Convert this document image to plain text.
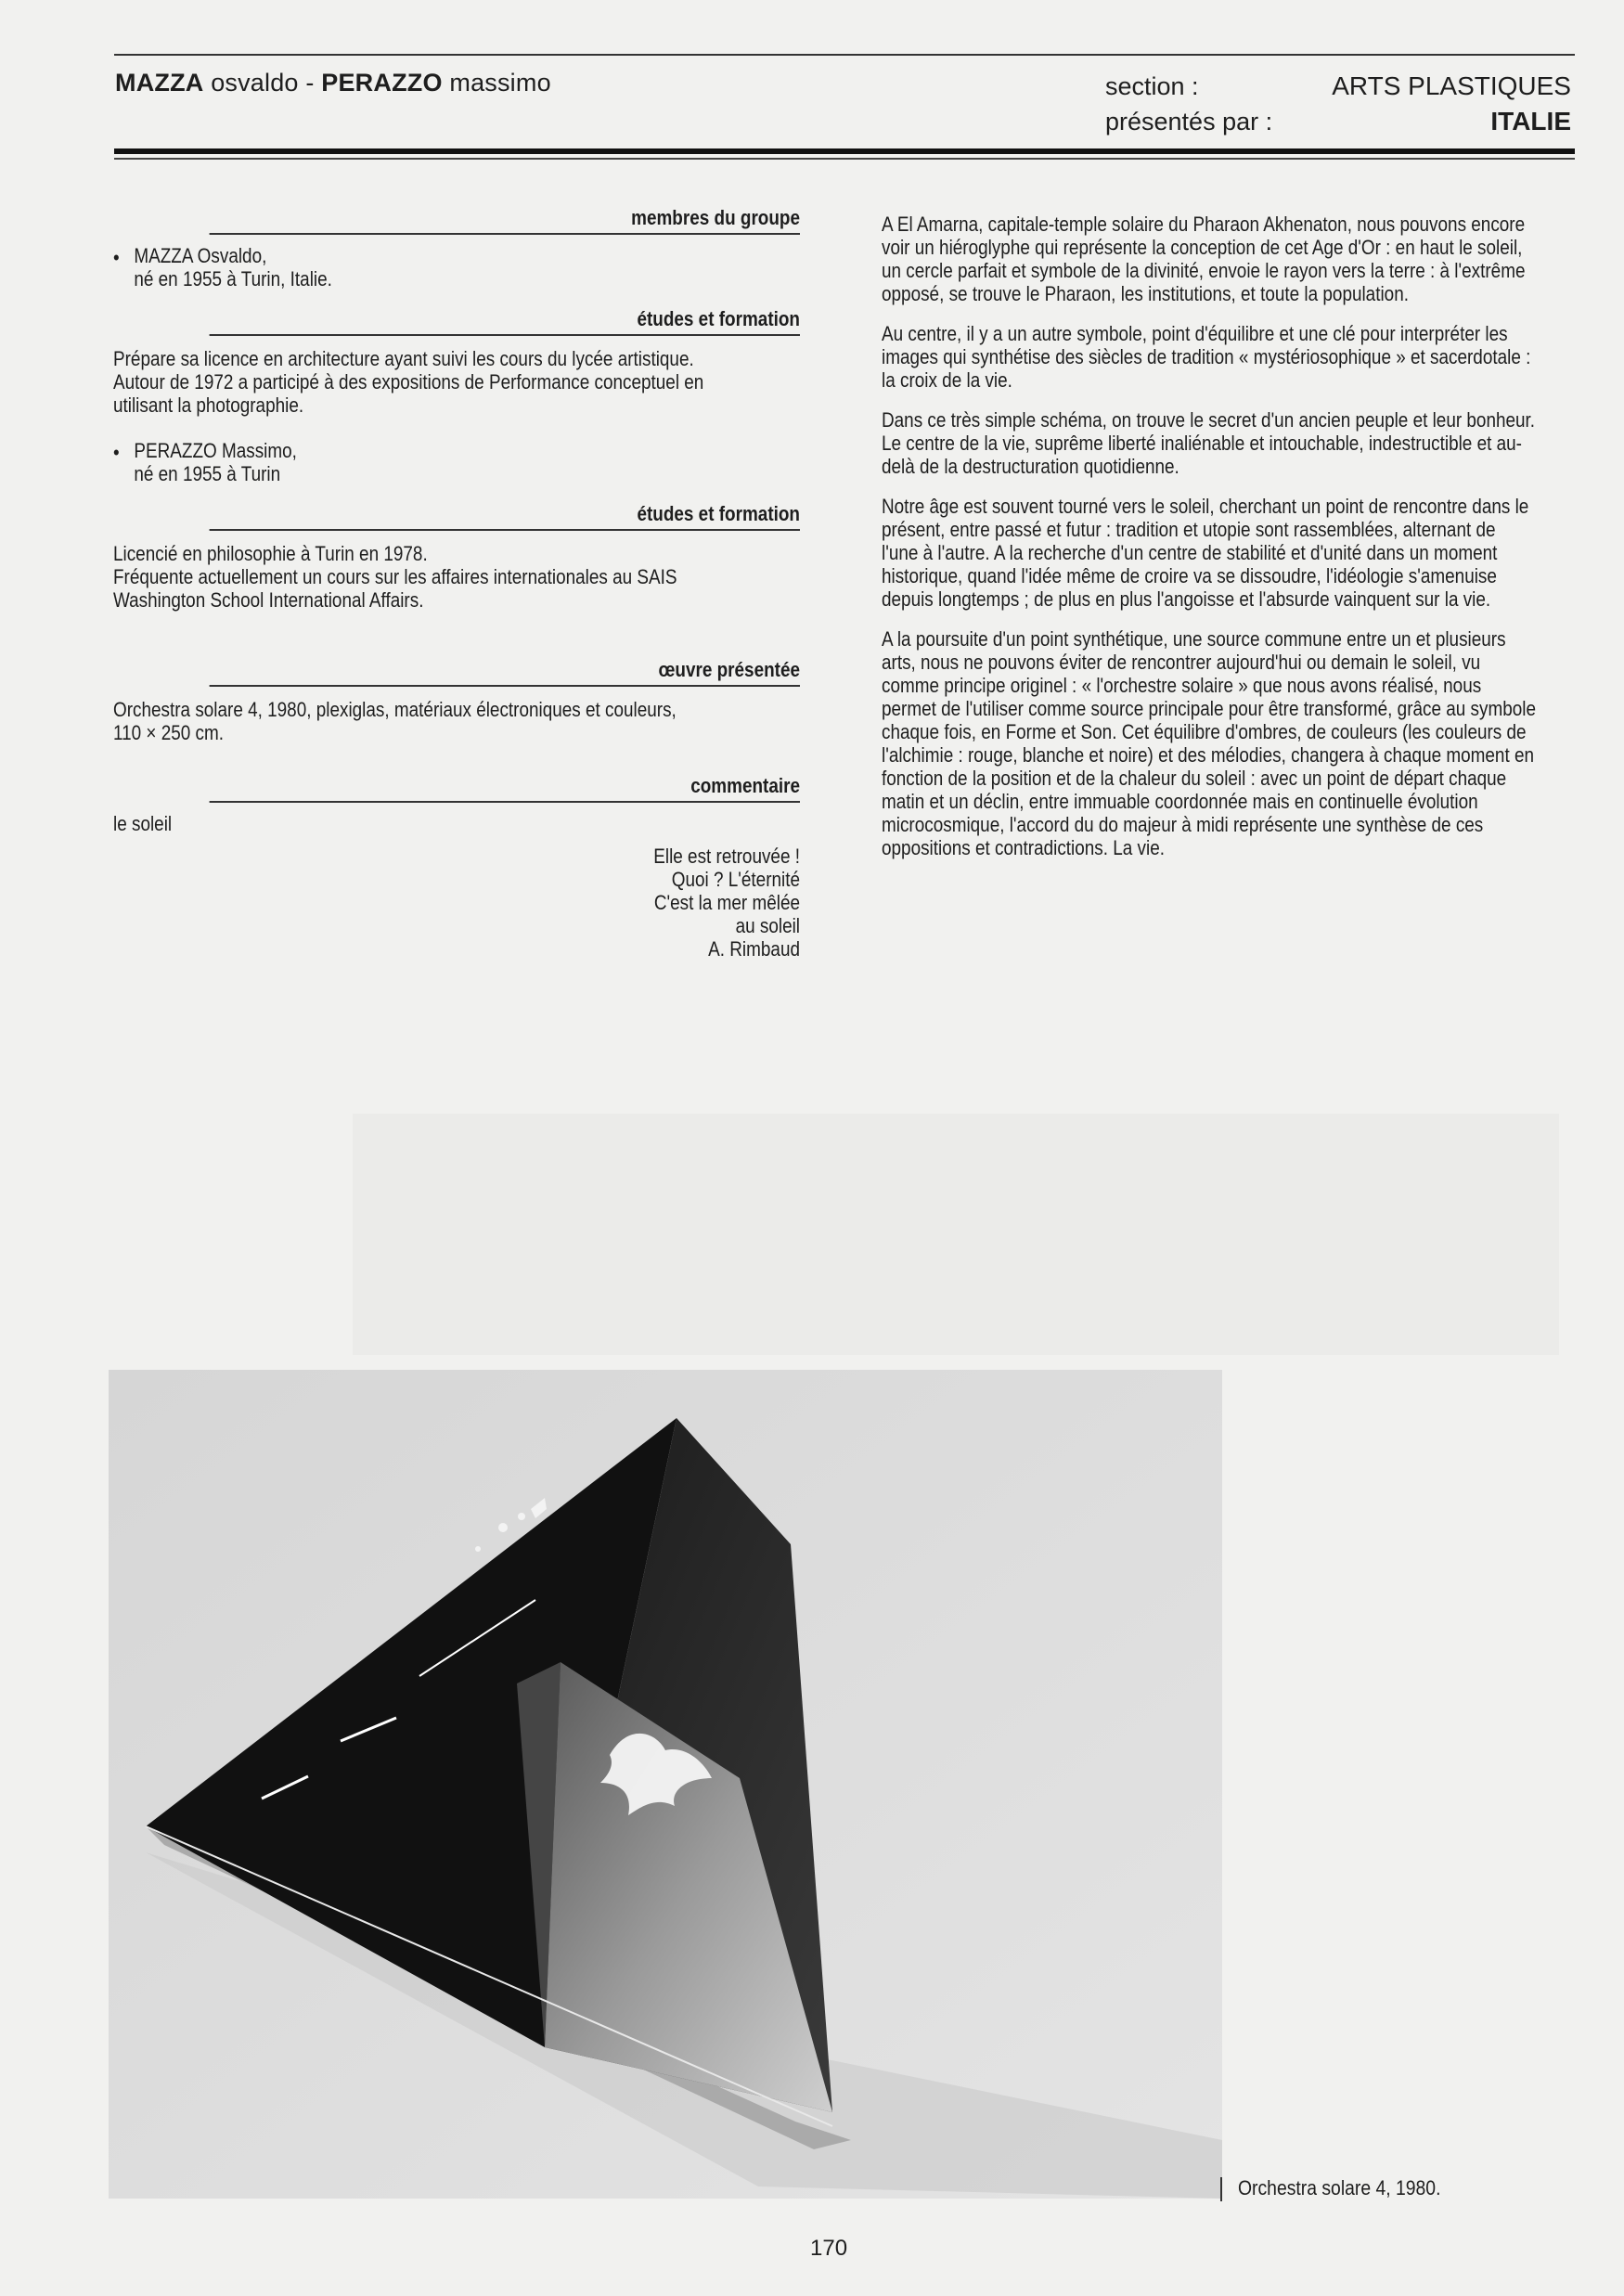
MAZZA osvaldo - PERAZZO massimo	section :
présentés par :
ARTS PLASTIQUES
ITALIE
membres du groupe
• MAZZA Osvaldo,
né en 1955 à Turin, Italie.
études et formation
Prépare sa licence en architecture ayant suivi les cours du lycée artistique.
Autour de 1972 a participé à des expositions de Performance conceptuel en
utilisant la photographie.
• PERAZZO Massimo,
né en 1955 à Turin
études et formation
Licencié en philosophie à Turin en 1978.
Fréquente actuellement un cours sur les affaires internationales au SAIS
Washington School International Affairs.
œuvre présentée
Orchestra solare 4, 1980, plexiglas, matériaux électroniques et couleurs,
110 × 250 cm.
commentaire
le soleil
Elle est retrouvée !
Quoi ? L'éternité
C'est la mer mêlée
au soleil
A. Rimbaud

A El Amarna, capitale-temple solaire du Pharaon Akhenaton, nous pouvons encore voir un hiéroglyphe qui représente la conception de cet Age d'Or : en haut le soleil, un cercle parfait et symbole de la divinité, envoie le rayon vers la terre : à l'extrême opposé, se trouve le Pharaon, les institutions, et toute la population.

Au centre, il y a un autre symbole, point d'équilibre et une clé pour interpréter les images qui synthétise des siècles de tradition « mystériosophique » et sacerdotale : la croix de la vie.

Dans ce très simple schéma, on trouve le secret d'un ancien peuple et leur bonheur. Le centre de la vie, suprême liberté inaliénable et intouchable, indestructible et au-delà de la destructuration quotidienne.

Notre âge est souvent tourné vers le soleil, cherchant un point de rencontre dans le présent, entre passé et futur : tradition et utopie sont rassemblées, alternant de l'une à l'autre. A la recherche d'un centre de stabilité et d'unité dans un moment historique, quand l'idée même de croire va se dissoudre, l'idéologie s'amenuise depuis longtemps ; de plus en plus l'angoisse et l'absurde vainquent sur la vie.

A la poursuite d'un point synthétique, une source commune entre un et plusieurs arts, nous ne pouvons éviter de rencontrer aujourd'hui ou demain le soleil, vu comme principe originel : « l'orchestre solaire » que nous avons réalisé, nous permet de l'utiliser comme source principale pour être transformé, grâce au symbole chaque fois, en Forme et Son. Cet équilibre d'ombres, de couleurs (les couleurs de l'alchimie : rouge, blanche et noire) et des mélodies, changera à chaque moment en fonction de la position et de la chaleur du soleil : avec un point de départ chaque matin et un déclin, entre immuable coordonnée mais en continuelle évolution microcosmique, l'accord du do majeur à midi représente une synthèse de ces oppositions et contradictions. La vie.

Orchestra solare 4, 1980.
170
